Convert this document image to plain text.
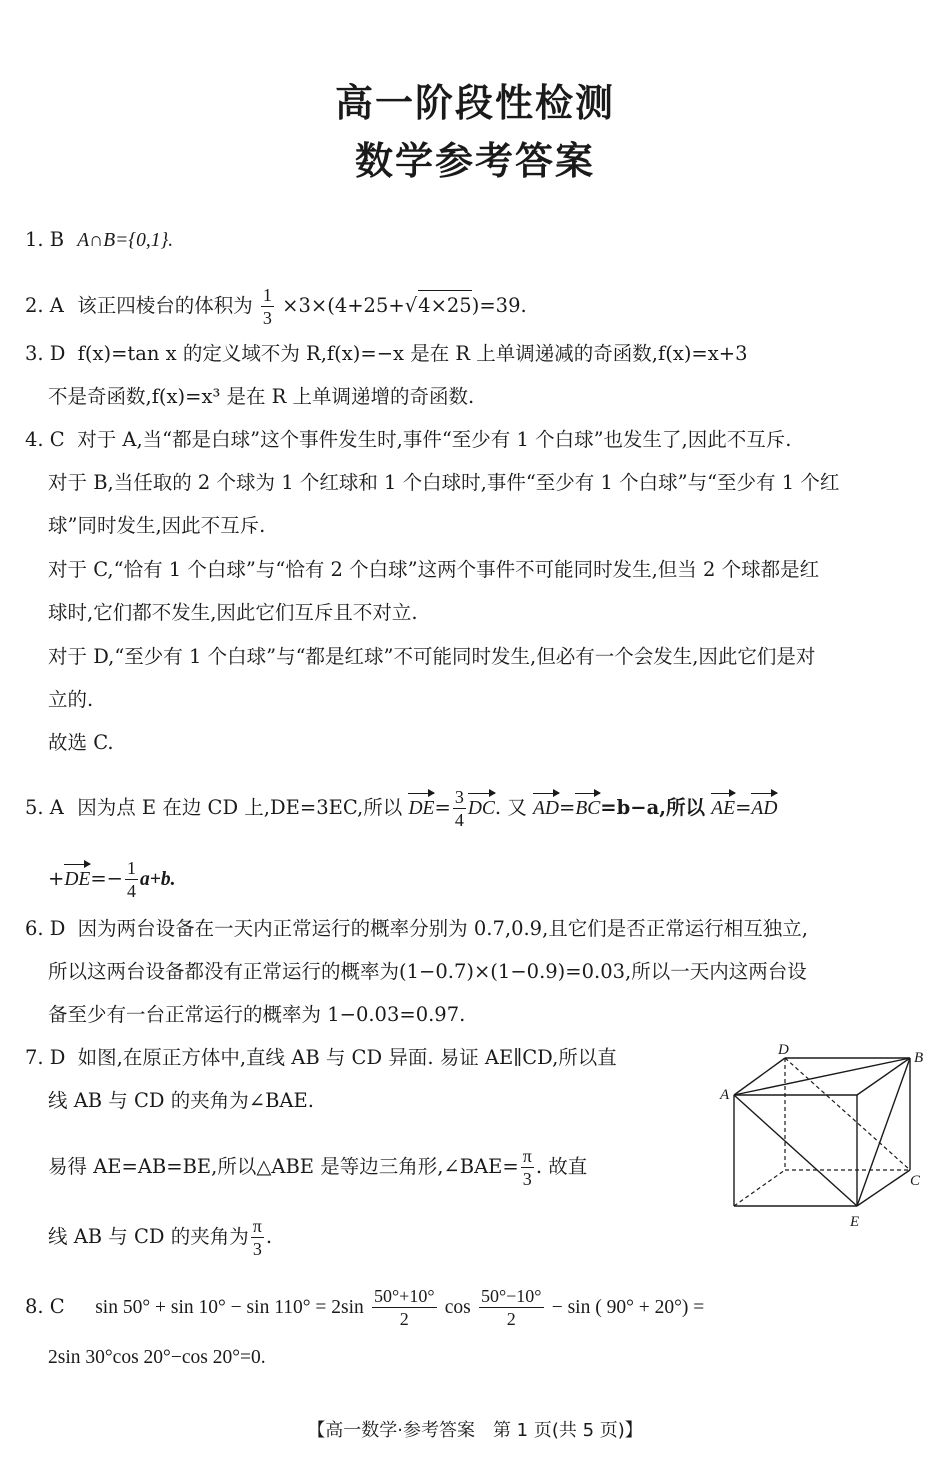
高一阶段性检测
数学参考答案
1. B A∩B={0,1}.
2. A 该正四棱台的体积为 $\frac{1}{3} \times 3\times(4+25+√4\times 25)=39$.
3. D f(x)=tan x 的定义域不为 R,f(x)=−x 是在 R 上单调递减的奇函数,f(x)=x+3
不是奇函数,f(x)=x³ 是在 R 上单调递增的奇函数.
4. C 对于 A,当“都是白球”这个事件发生时,事件“至少有 1 个白球”也发生了,因此不互斥.
对于 B,当任取的 2 个球为 1 个红球和 1 个白球时,事件“至少有 1 个白球”与“至少有 1 个红
球”同时发生,因此不互斥.
对于 C,“恰有 1 个白球”与“恰有 2 个白球”这两个事件不可能同时发生,但当 2 个球都是红
球时,它们都不发生,因此它们互斥且不对立.
对于 D,“至少有 1 个白球”与“都是红球”不可能同时发生,但必有一个会发生,因此它们是对
立的.
故选 C.
5. A 因为点 E 在边 CD 上,DE=3EC,所以 $DE= \frac{3}{4}$ DC. 又 AD=BC=b−a,所以 AE=AD
$+DE=- \frac{1}{4} a+b$.
6. D 因为两台设备在一天内正常运行的概率分别为 0.7,0.9,且它们是否正常运行相互独立,
所以这两台设备都没有正常运行的概率为(1−0.7)×(1−0.9)=0.03,所以一天内这两台设
备至少有一台正常运行的概率为 1−0.03=0.97.
7. D 如图,在原正方体中,直线 AB 与 CD 异面. 易证 AE∥CD,所以直
线 AB 与 CD 的夹角为∠BAE.
易得 AE=AB=BE,所以△ABE 是等边三角形,∠BAE= $\frac{\pi}{3}$ . 故直
线 AB 与 CD 的夹角为 $\frac{\pi}{3}$ .
D	B
A
C
E
8. C $\sin 50^\circ + \sin 10^\circ - \sin 110^\circ = 2\sin \frac{50^\circ+10^\circ}{2}$ $\cos \frac{50^\circ-10^\circ}{2} - \sin$ ( 90° + 20°) =
2sin 30°cos 20°−cos 20°=0.
【高一数学·参考答案　第 1 页(共 5 页)】
